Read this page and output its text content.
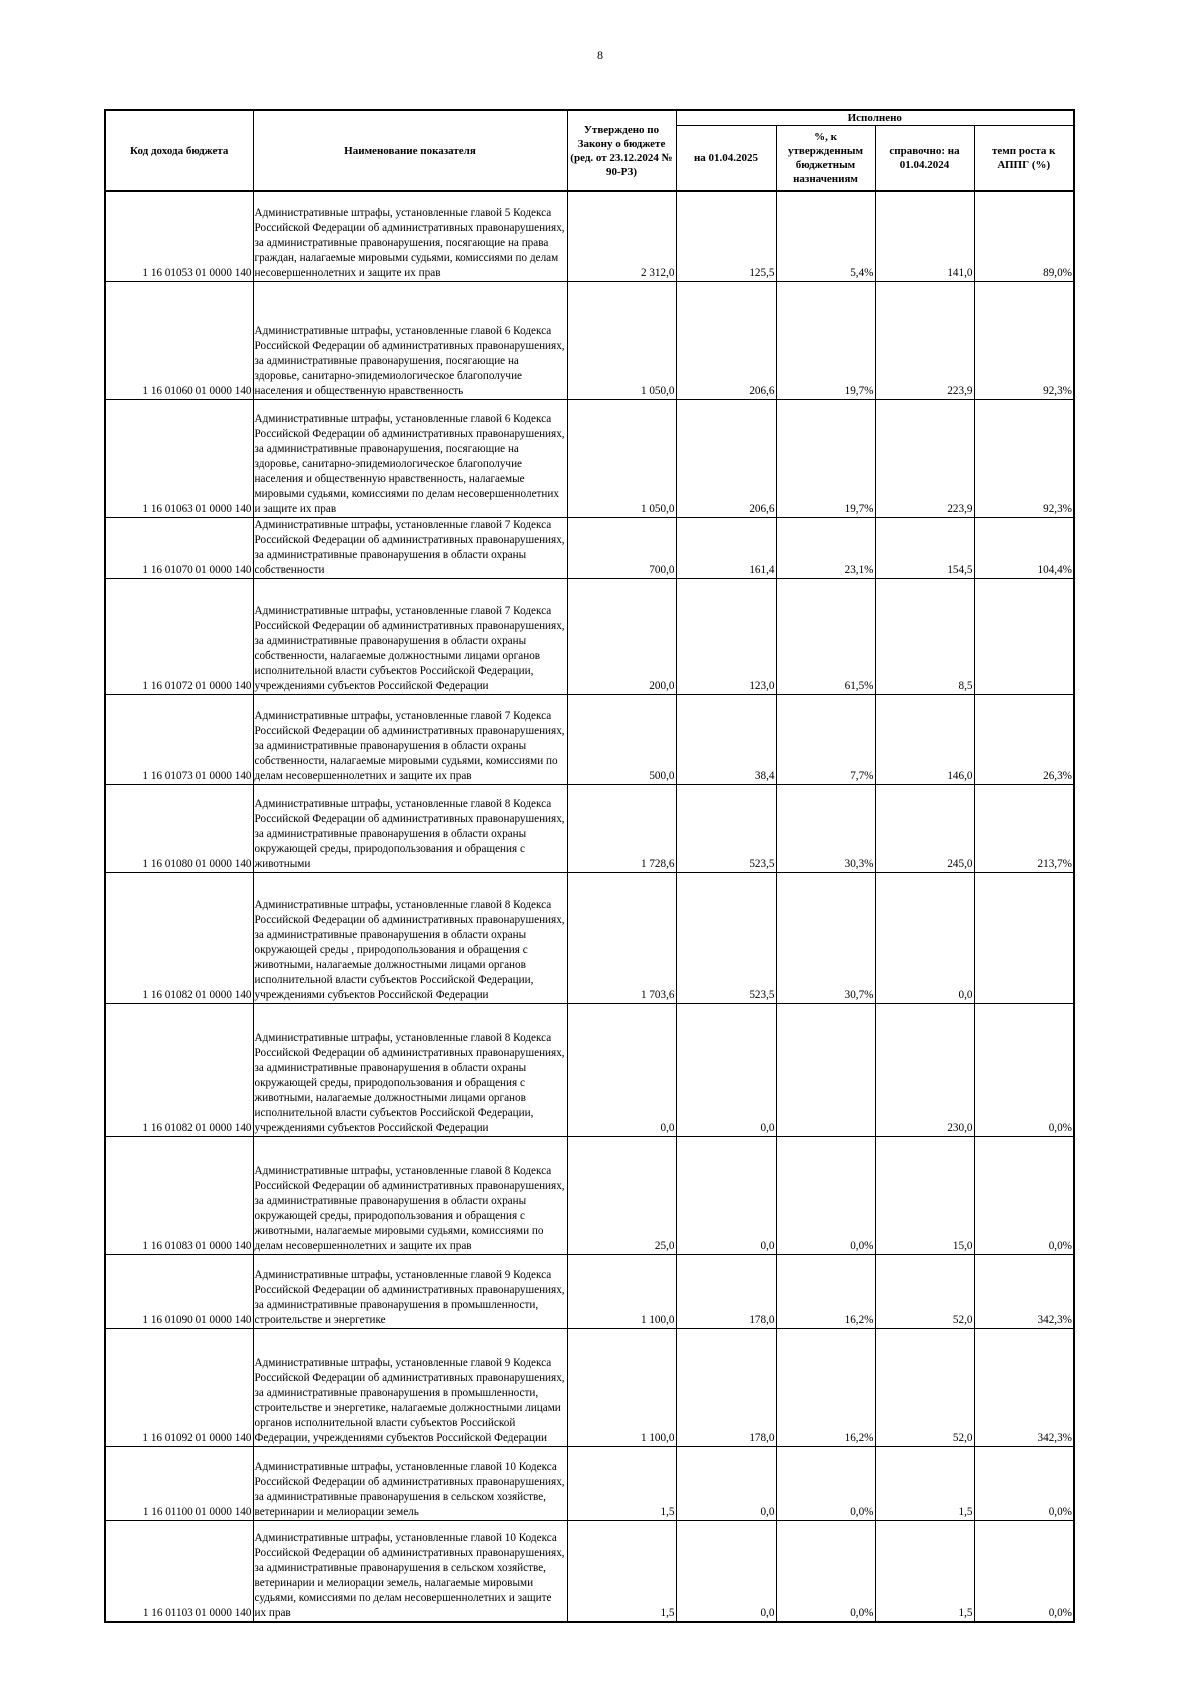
8
Код дохода бюджета	Наименование показателя	Утверждено по Закону о бюджете (ред. от 23.12.2024 № 90-РЗ)	Исполнено			
			на 01.04.2025	%, к утвержденным бюджетным назначениям	справочно: на 01.04.2024	темп роста к АППГ (%)
1 16 01053 01 0000 140	Административные штрафы, установленные главой 5 Кодекса Российской Федерации об административных правонарушениях, за административные правонарушения, посягающие на права граждан, налагаемые мировыми судьями, комиссиями по делам несовершеннолетних и защите их прав	2 312,0	125,5	5,4%	141,0	89,0%
1 16 01060 01 0000 140	Административные штрафы, установленные главой 6 Кодекса Российской Федерации об административных правонарушениях, за административные правонарушения, посягающие на здоровье, санитарно-эпидемиологическое благополучие населения и общественную нравственность	1 050,0	206,6	19,7%	223,9	92,3%
1 16 01063 01 0000 140	Административные штрафы, установленные главой 6 Кодекса Российской Федерации об административных правонарушениях, за административные правонарушения, посягающие на здоровье, санитарно-эпидемиологическое благополучие населения и общественную нравственность, налагаемые мировыми судьями, комиссиями по делам несовершеннолетних и защите их прав	1 050,0	206,6	19,7%	223,9	92,3%
1 16 01070 01 0000 140	Административные штрафы, установленные главой 7 Кодекса Российской Федерации об административных правонарушениях, за административные правонарушения в области охраны собственности	700,0	161,4	23,1%	154,5	104,4%
1 16 01072 01 0000 140	Административные штрафы, установленные главой 7 Кодекса Российской Федерации об административных правонарушениях, за административные правонарушения в области охраны собственности, налагаемые должностными лицами органов исполнительной власти субъектов Российской Федерации, учреждениями субъектов Российской Федерации	200,0	123,0	61,5%	8,5	
1 16 01073 01 0000 140	Административные штрафы, установленные главой 7 Кодекса Российской Федерации об административных правонарушениях, за административные правонарушения в области охраны собственности, налагаемые мировыми судьями, комиссиями по делам несовершеннолетних и защите их прав	500,0	38,4	7,7%	146,0	26,3%
1 16 01080 01 0000 140	Административные штрафы, установленные главой 8 Кодекса Российской Федерации об административных правонарушениях, за административные правонарушения в области охраны окружающей среды, природопользования и обращения с животными	1 728,6	523,5	30,3%	245,0	213,7%
1 16 01082 01 0000 140	Административные штрафы, установленные главой 8 Кодекса Российской Федерации об административных правонарушениях, за административные правонарушения в области охраны окружающей среды , природопользования и обращения с животными, налагаемые должностными лицами органов исполнительной власти субъектов Российской Федерации, учреждениями субъектов Российской Федерации	1 703,6	523,5	30,7%	0,0	
1 16 01082 01 0000 140	Административные штрафы, установленные главой 8 Кодекса Российской Федерации об административных правонарушениях, за административные правонарушения в области охраны окружающей среды, природопользования и обращения с животными, налагаемые должностными лицами органов исполнительной власти субъектов Российской Федерации, учреждениями субъектов Российской Федерации	0,0	0,0		230,0	0,0%
1 16 01083 01 0000 140	Административные штрафы, установленные главой 8 Кодекса Российской Федерации об административных правонарушениях, за административные правонарушения в области охраны окружающей среды, природопользования и обращения с животными, налагаемые мировыми судьями, комиссиями по делам несовершеннолетних и защите их прав	25,0	0,0	0,0%	15,0	0,0%
1 16 01090 01 0000 140	Административные штрафы, установленные главой 9 Кодекса Российской Федерации об административных правонарушениях, за административные правонарушения в промышленности, строительстве и энергетике	1 100,0	178,0	16,2%	52,0	342,3%
1 16 01092 01 0000 140	Административные штрафы, установленные главой 9 Кодекса Российской Федерации об административных правонарушениях, за административные правонарушения в промышленности, строительстве и энергетике, налагаемые должностными лицами органов исполнительной власти субъектов Российской Федерации, учреждениями субъектов Российской Федерации	1 100,0	178,0	16,2%	52,0	342,3%
1 16 01100 01 0000 140	Административные штрафы, установленные главой 10 Кодекса Российской Федерации об административных правонарушениях, за административные правонарушения в сельском хозяйстве, ветеринарии и мелиорации земель	1,5	0,0	0,0%	1,5	0,0%
1 16 01103 01 0000 140	Административные штрафы, установленные главой 10 Кодекса Российской Федерации об административных правонарушениях, за административные правонарушения в сельском хозяйстве, ветеринарии и мелиорации земель, налагаемые мировыми судьями, комиссиями по делам несовершеннолетних и защите их прав	1,5	0,0	0,0%	1,5	0,0%
